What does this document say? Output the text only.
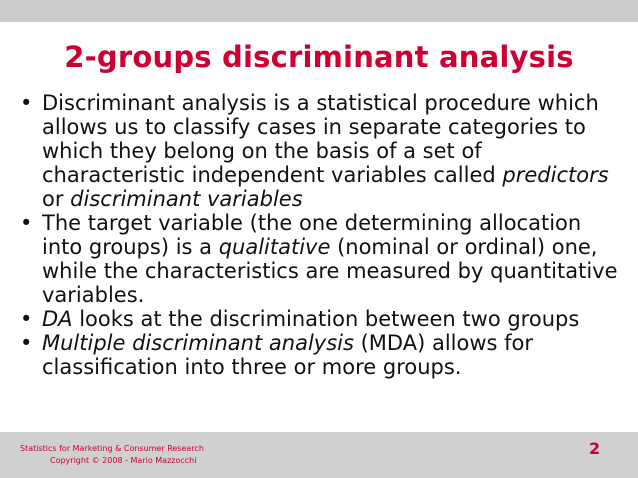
2-groups discriminant analysis
• Discriminant analysis is a statistical procedure which allows us to classify cases in separate categories to which they belong on the basis of a set of characteristic independent variables called predictors or discriminant variables
• The target variable (the one determining allocation into groups) is a qualitative (nominal or ordinal) one, while the characteristics are measured by quantitative variables.
• DA looks at the discrimination between two groups
• Multiple discriminant analysis (MDA) allows for classification into three or more groups.
Statistics for Marketing & Consumer Research
Copyright © 2008 - Mario Mazzocchi
2
